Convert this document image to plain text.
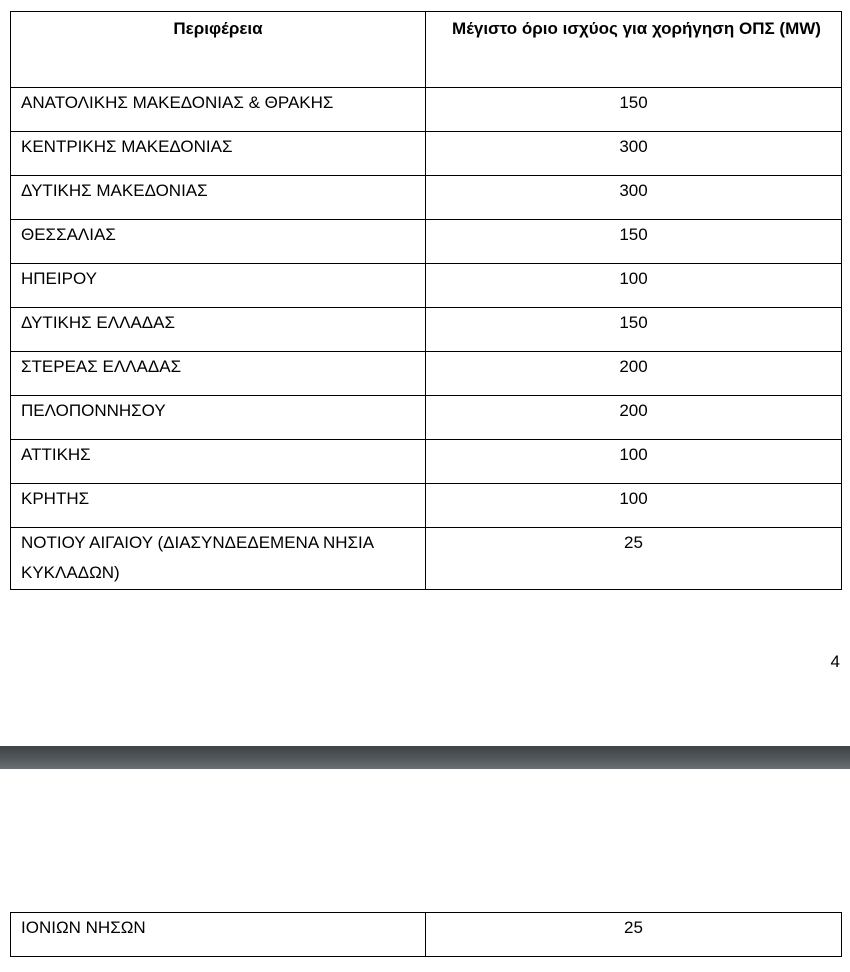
Περιφέρεια	Μέγιστο όριο ισχύος για χορήγηση ΟΠΣ (MW)
ΑΝΑΤΟΛΙΚΗΣ ΜΑΚΕΔΟΝΙΑΣ & ΘΡΑΚΗΣ	150
ΚΕΝΤΡΙΚΗΣ ΜΑΚΕΔΟΝΙΑΣ	300
ΔΥΤΙΚΗΣ ΜΑΚΕΔΟΝΙΑΣ	300
ΘΕΣΣΑΛΙΑΣ	150
ΗΠΕΙΡΟΥ	100
ΔΥΤΙΚΗΣ ΕΛΛΑΔΑΣ	150
ΣΤΕΡΕΑΣ ΕΛΛΑΔΑΣ	200
ΠΕΛΟΠΟΝΝΗΣΟΥ	200
ΑΤΤΙΚΗΣ	100
ΚΡΗΤΗΣ	100
ΝΟΤΙΟΥ ΑΙΓΑΙΟΥ (ΔΙΑΣΥΝΔΕΔΕΜΕΝΑ ΝΗΣΙΑ ΚΥΚΛΑΔΩΝ)	25
4
ΙΟΝΙΩΝ ΝΗΣΩΝ	25
